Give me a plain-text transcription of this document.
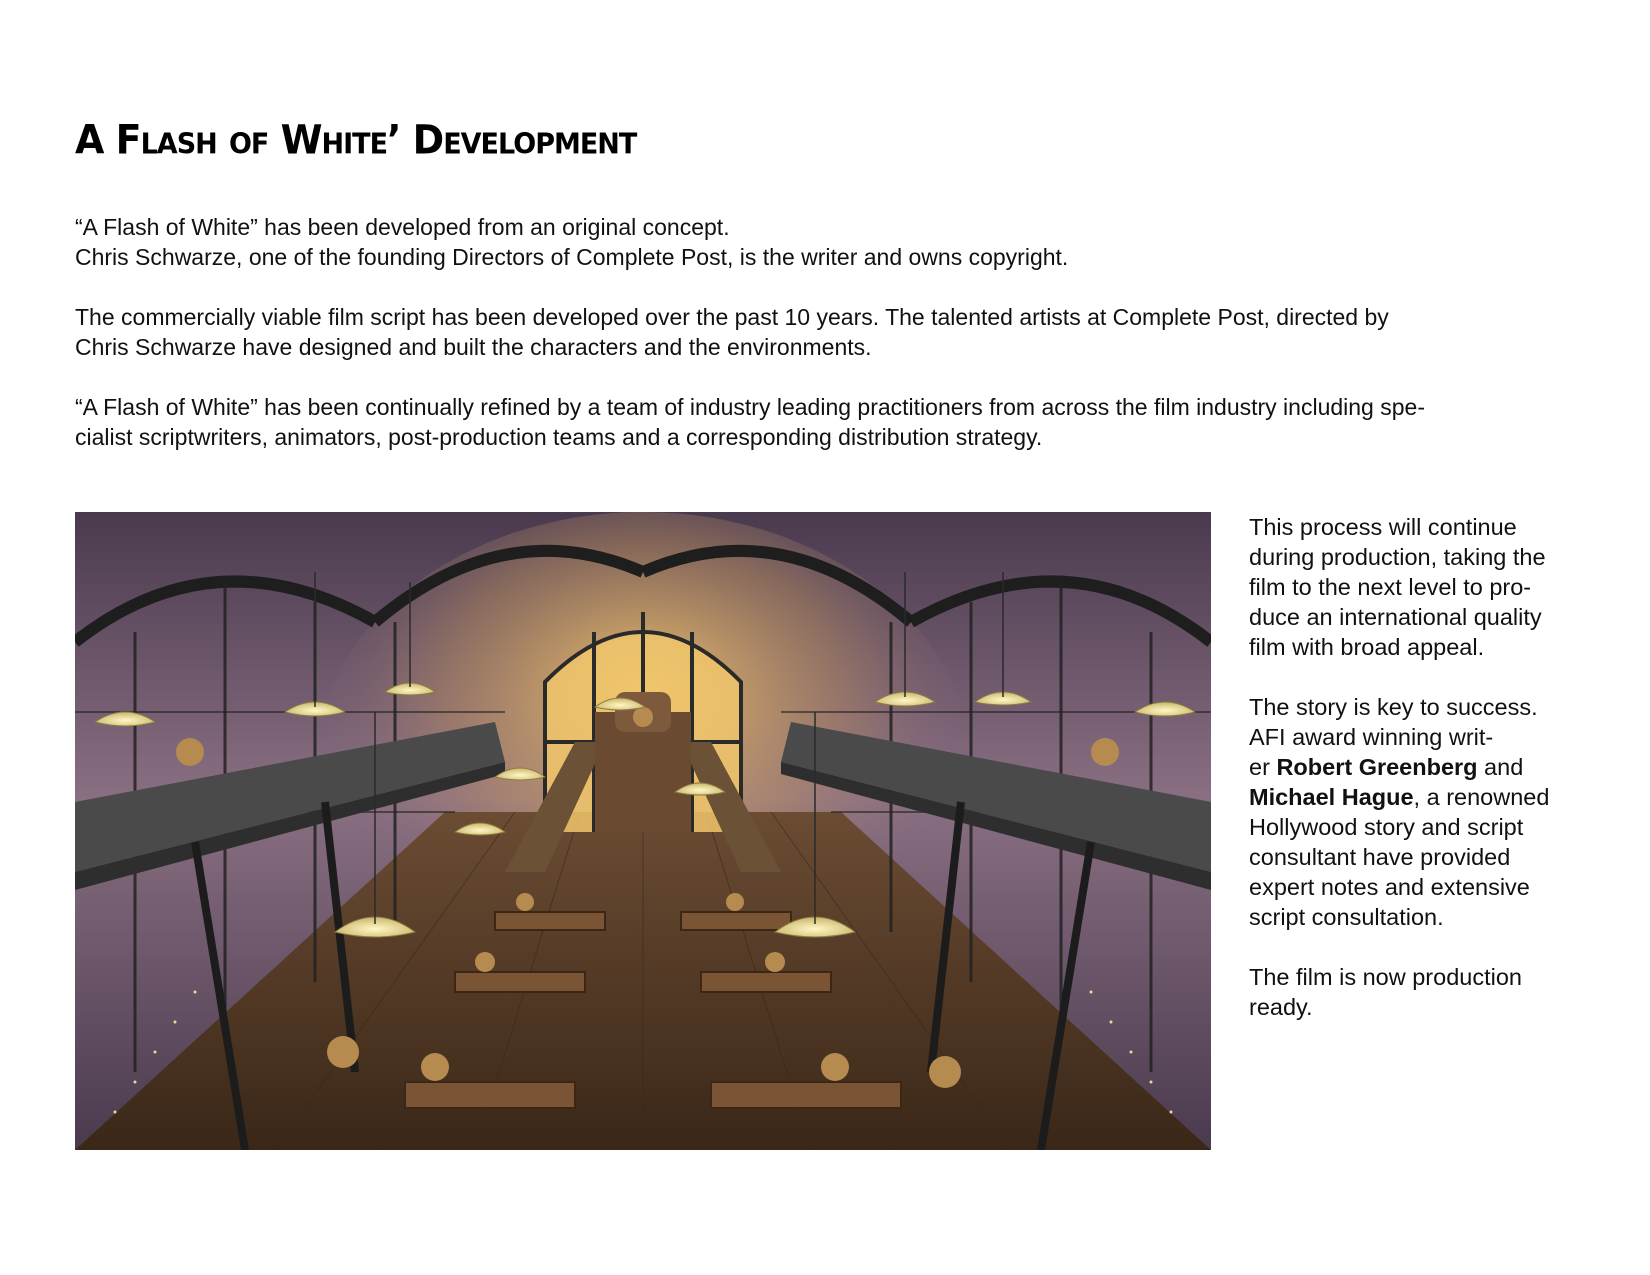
A Flash of White’ Development

“A Flash of White” has been developed from an original concept.
Chris Schwarze, one of the founding Directors of Complete Post, is the writer and owns copyright.

The commercially viable film script has been developed over the past 10 years. The talented artists at Complete Post, directed by
Chris Schwarze have designed and built the characters and the environments.

“A Flash of White” has been continually refined by a team of industry leading practitioners from across the film industry including spe-
cialist scriptwriters, animators, post-production teams and a corresponding distribution strategy.

This process will continue
during production, taking the
film to the next level to pro-
duce an international quality
film with broad appeal.

The story is key to success.
AFI award winning writ-
er Robert Greenberg and
Michael Hague, a renowned
Hollywood story and script
consultant have provided
expert notes and extensive
script consultation.

The film is now production
ready.
